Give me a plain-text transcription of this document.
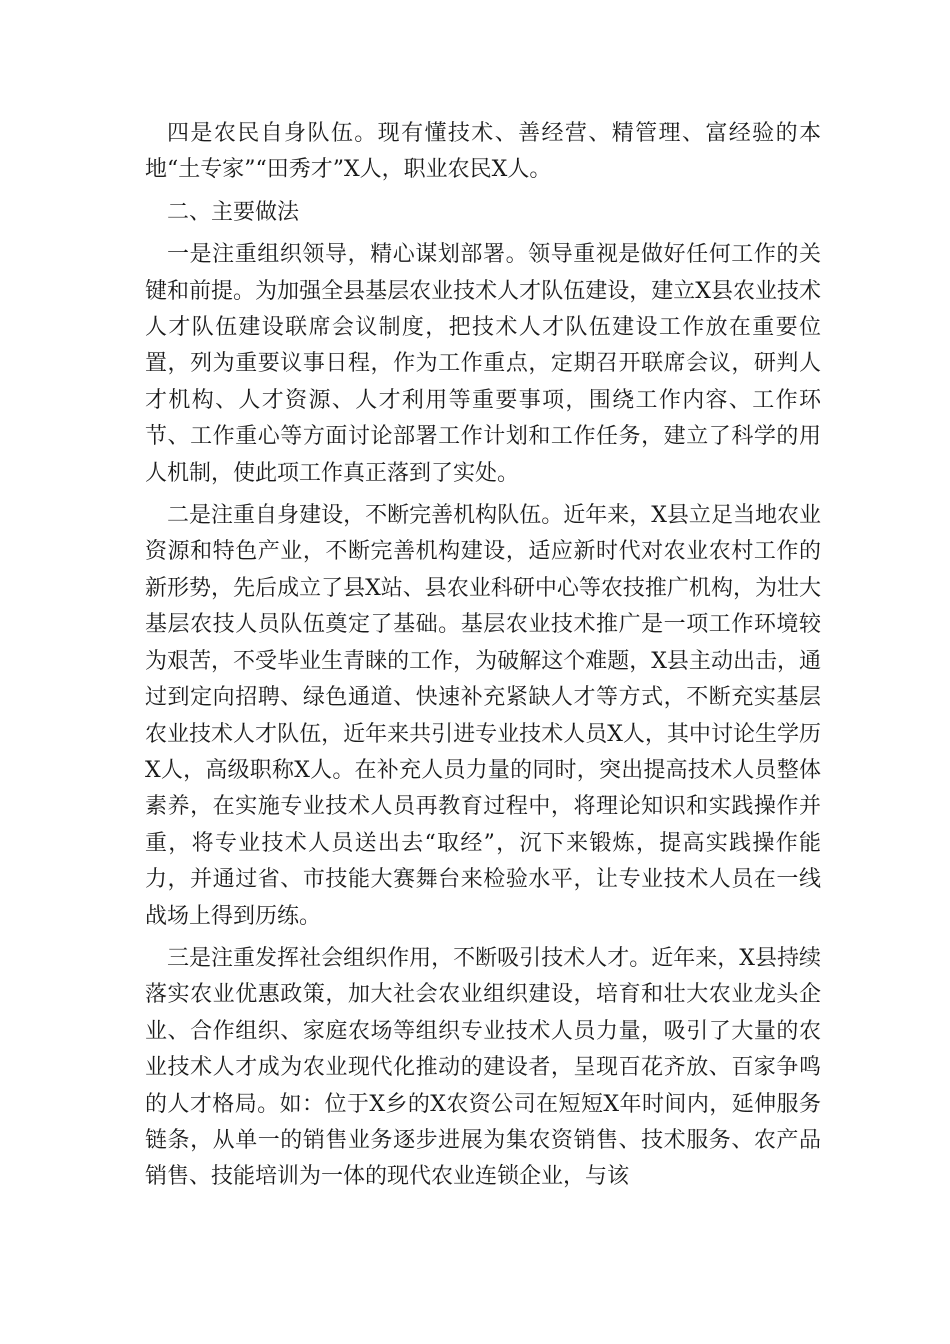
四是农民自身队伍。现有懂技术、善经营、精管理、富经验的本地“土专家”“田秀才”X人，职业农民X人。

二、主要做法

一是注重组织领导，精心谋划部署。领导重视是做好任何工作的关键和前提。为加强全县基层农业技术人才队伍建设，建立X县农业技术人才队伍建设联席会议制度，把技术人才队伍建设工作放在重要位置，列为重要议事日程，作为工作重点，定期召开联席会议，研判人才机构、人才资源、人才利用等重要事项，围绕工作内容、工作环节、工作重心等方面讨论部署工作计划和工作任务，建立了科学的用人机制，使此项工作真正落到了实处。

二是注重自身建设，不断完善机构队伍。近年来，X县立足当地农业资源和特色产业，不断完善机构建设，适应新时代对农业农村工作的新形势，先后成立了县X站、县农业科研中心等农技推广机构，为壮大基层农技人员队伍奠定了基础。基层农业技术推广是一项工作环境较为艰苦，不受毕业生青睐的工作，为破解这个难题，X县主动出击，通过到定向招聘、绿色通道、快速补充紧缺人才等方式，不断充实基层农业技术人才队伍，近年来共引进专业技术人员X人，其中讨论生学历X人，高级职称X人。在补充人员力量的同时，突出提高技术人员整体素养，在实施专业技术人员再教育过程中，将理论知识和实践操作并重，将专业技术人员送出去“取经”，沉下来锻炼，提高实践操作能力，并通过省、市技能大赛舞台来检验水平，让专业技术人员在一线战场上得到历练。

三是注重发挥社会组织作用，不断吸引技术人才。近年来，X县持续落实农业优惠政策，加大社会农业组织建设，培育和壮大农业龙头企业、合作组织、家庭农场等组织专业技术人员力量，吸引了大量的农业技术人才成为农业现代化推动的建设者，呈现百花齐放、百家争鸣的人才格局。如：位于X乡的X农资公司在短短X年时间内，延伸服务链条，从单一的销售业务逐步进展为集农资销售、技术服务、农产品销售、技能培训为一体的现代农业连锁企业，与该
